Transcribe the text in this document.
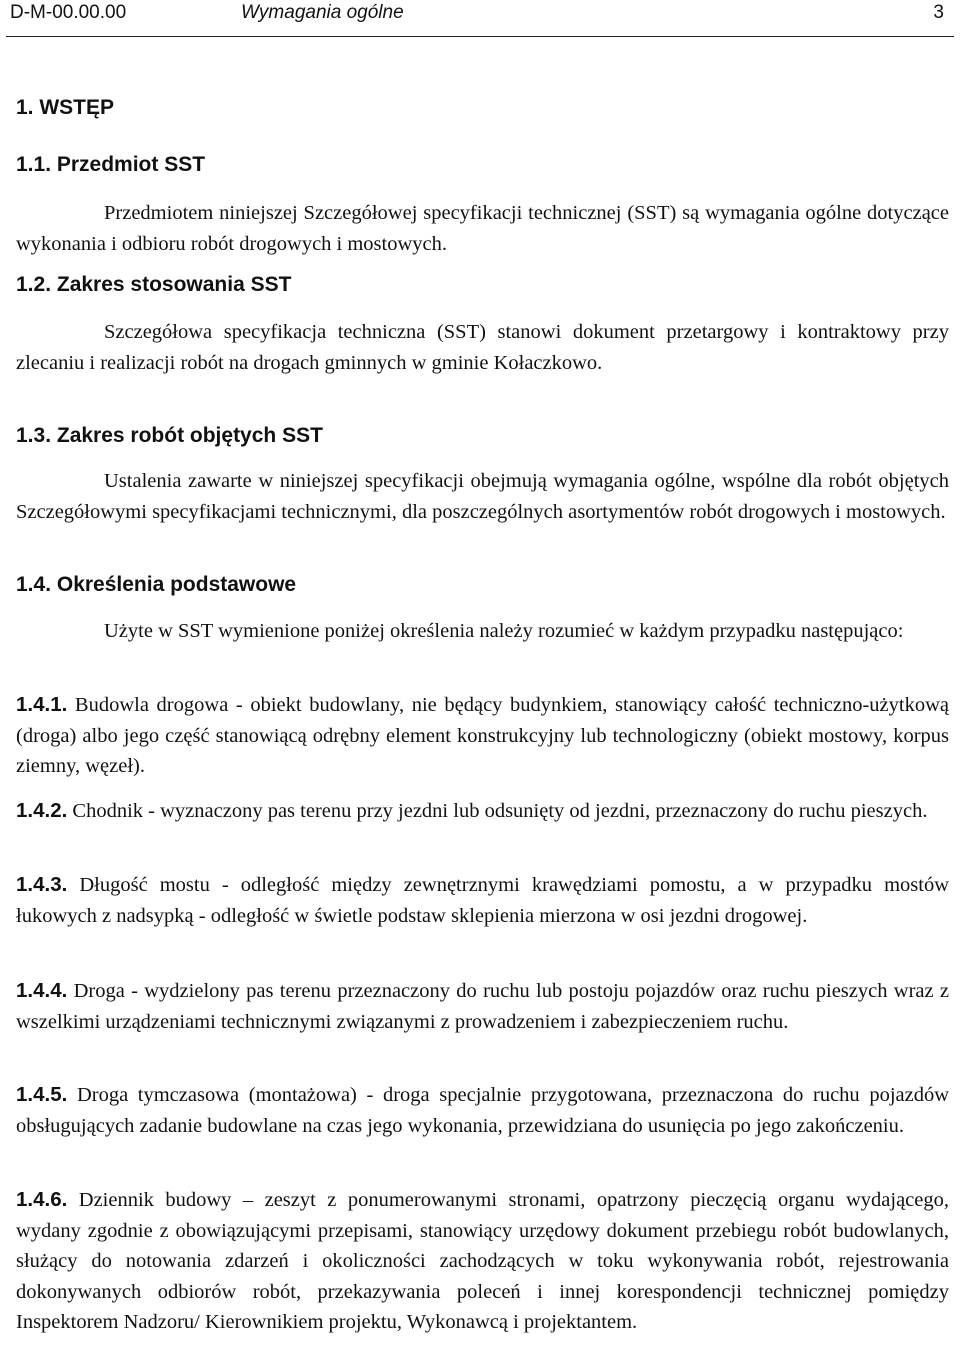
D-M-00.00.00	Wymagania ogólne	3
1. WSTĘP
1.1. Przedmiot SST
Przedmiotem niniejszej Szczegółowej specyfikacji technicznej (SST) są wymagania ogólne dotyczące wykonania i odbioru robót drogowych i mostowych.
1.2. Zakres stosowania SST
Szczegółowa specyfikacja techniczna (SST) stanowi dokument przetargowy i kontraktowy przy zlecaniu i realizacji robót na drogach gminnych w gminie Kołaczkowo.
1.3. Zakres robót objętych SST
Ustalenia zawarte w niniejszej specyfikacji obejmują wymagania ogólne, wspólne dla robót objętych Szczegółowymi specyfikacjami technicznymi, dla poszczególnych asortymentów robót drogowych i mostowych.
1.4. Określenia podstawowe
Użyte w SST wymienione poniżej określenia należy rozumieć w każdym przypadku następująco:
1.4.1. Budowla drogowa - obiekt budowlany, nie będący budynkiem, stanowiący całość techniczno-użytkową (droga) albo jego część stanowiącą odrębny element konstrukcyjny lub technologiczny (obiekt mostowy, korpus ziemny, węzeł).
1.4.2. Chodnik - wyznaczony pas terenu przy jezdni lub odsunięty od jezdni, przeznaczony do ruchu pieszych.
1.4.3. Długość mostu - odległość między zewnętrznymi krawędziami pomostu, a w przypadku mostów łukowych z nadsypką - odległość w świetle podstaw sklepienia mierzona w osi jezdni drogowej.
1.4.4. Droga - wydzielony pas terenu przeznaczony do ruchu lub postoju pojazdów oraz ruchu pieszych wraz z wszelkimi urządzeniami technicznymi związanymi z prowadzeniem i zabezpieczeniem ruchu.
1.4.5. Droga tymczasowa (montażowa) - droga specjalnie przygotowana, przeznaczona do ruchu pojazdów obsługujących zadanie budowlane na czas jego wykonania, przewidziana do usunięcia po jego zakończeniu.
1.4.6. Dziennik budowy – zeszyt z ponumerowanymi stronami, opatrzony pieczęcią organu wydającego, wydany zgodnie z obowiązującymi przepisami, stanowiący urzędowy dokument przebiegu robót budowlanych, służący do notowania zdarzeń i okoliczności zachodzących w toku wykonywania robót, rejestrowania dokonywanych odbiorów robót, przekazywania poleceń i innej korespondencji technicznej pomiędzy Inspektorem Nadzoru/ Kierownikiem projektu, Wykonawcą i projektantem.
